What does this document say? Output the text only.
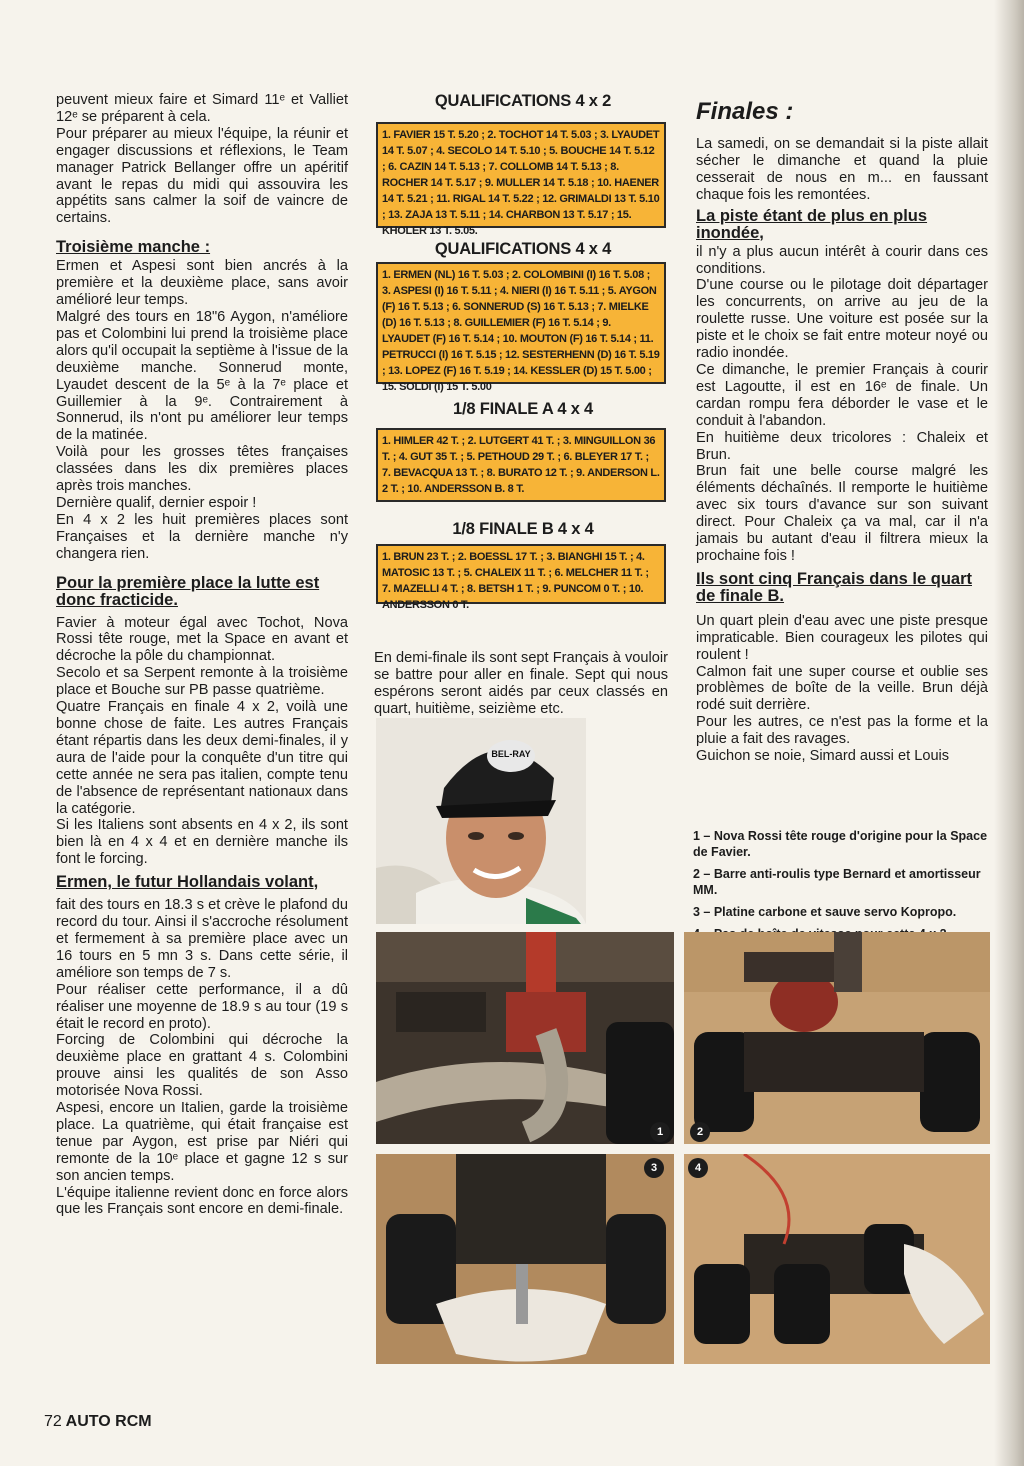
peuvent mieux faire et Simard 11ᵉ et Valliet 12ᵉ se préparent à cela.

Pour préparer au mieux l'équipe, la réunir et engager discussions et réflexions, le Team manager Patrick Bellanger offre un apéritif avant le repas du midi qui assouvira les appétits sans calmer la soif de vaincre de certains.

Troisième manche :

Ermen et Aspesi sont bien ancrés à la première et la deuxième place, sans avoir amélioré leur temps.

Malgré des tours en 18"6 Aygon, n'améliore pas et Colombini lui prend la troisième place alors qu'il occupait la septième à l'issue de la deuxième manche. Sonnerud monte, Lyaudet descent de la 5ᵉ à la 7ᵉ place et Guillemier à la 9ᵉ. Contrairement à Sonnerud, ils n'ont pu améliorer leur temps de la matinée.

Voilà pour les grosses têtes françaises classées dans les dix premières places après trois manches.

Dernière qualif, dernier espoir !

En 4 x 2 les huit premières places sont Françaises et la dernière manche n'y changera rien.

Pour la première place la lutte est donc fracticide.

Favier à moteur égal avec Tochot, Nova Rossi tête rouge, met la Space en avant et décroche la pôle du championnat.

Secolo et sa Serpent remonte à la troisième place et Bouche sur PB passe quatrième.

Quatre Français en finale 4 x 2, voilà une bonne chose de faite. Les autres Français étant répartis dans les deux demi-finales, il y aura de l'aide pour la conquête d'un titre qui cette année ne sera pas italien, compte tenu de l'absence de représentant nationaux dans la catégorie.

Si les Italiens sont absents en 4 x 2, ils sont bien là en 4 x 4 et en dernière manche ils font le forcing.

Ermen, le futur Hollandais volant,

fait des tours en 18.3 s et crève le plafond du record du tour. Ainsi il s'accroche résolument et fermement à sa première place avec un 16 tours en 5 mn 3 s. Dans cette série, il améliore son temps de 7 s.

Pour réaliser cette performance, il a dû réaliser une moyenne de 18.9 s au tour (19 s était le record en proto).

Forcing de Colombini qui décroche la deuxième place en grattant 4 s. Colombini prouve ainsi les qualités de son Asso motorisée Nova Rossi.

Aspesi, encore un Italien, garde la troisième place. La quatrième, qui était française est tenue par Aygon, est prise par Niéri qui remonte de la 10ᵉ place et gagne 12 s sur son ancien temps.

L'équipe italienne revient donc en force alors que les Français sont encore en demi-finale.

QUALIFICATIONS 4 x 2
1. FAVIER 15 T. 5.20 ; 2. TOCHOT 14 T. 5.03 ; 3. LYAUDET 14 T. 5.07 ; 4. SECOLO 14 T. 5.10 ; 5. BOUCHE 14 T. 5.12 ; 6. CAZIN 14 T. 5.13 ; 7. COLLOMB 14 T. 5.13 ; 8. ROCHER 14 T. 5.17 ; 9. MULLER 14 T. 5.18 ; 10. HAENER 14 T. 5.21 ; 11. RIGAL 14 T. 5.22 ; 12. GRIMALDI 13 T. 5.10 ; 13. ZAJA 13 T. 5.11 ; 14. CHARBON 13 T. 5.17 ; 15. KHOLER 13 T. 5.05.
QUALIFICATIONS 4 x 4
1. ERMEN (NL) 16 T. 5.03 ; 2. COLOMBINI (I) 16 T. 5.08 ; 3. ASPESI (I) 16 T. 5.11 ; 4. NIERI (I) 16 T. 5.11 ; 5. AYGON (F) 16 T. 5.13 ; 6. SONNERUD (S) 16 T. 5.13 ; 7. MIELKE (D) 16 T. 5.13 ; 8. GUILLEMIER (F) 16 T. 5.14 ; 9. LYAUDET (F) 16 T. 5.14 ; 10. MOUTON (F) 16 T. 5.14 ; 11. PETRUCCI (I) 16 T. 5.15 ; 12. SESTERHENN (D) 16 T. 5.19 ; 13. LOPEZ (F) 16 T. 5.19 ; 14. KESSLER (D) 15 T. 5.00 ; 15. SOLDI (I) 15 T. 5.00
1/8 FINALE A 4 x 4
1. HIMLER 42 T. ; 2. LUTGERT 41 T. ; 3. MINGUILLON 36 T. ; 4. GUT 35 T. ; 5. PETHOUD 29 T. ; 6. BLEYER 17 T. ; 7. BEVACQUA 13 T. ; 8. BURATO 12 T. ; 9. ANDERSON L. 2 T. ; 10. ANDERSSON B. 8 T.
1/8 FINALE B 4 x 4
1. BRUN 23 T. ; 2. BOESSL 17 T. ; 3. BIANGHI 15 T. ; 4. MATOSIC 13 T. ; 5. CHALEIX 11 T. ; 6. MELCHER 11 T. ; 7. MAZELLI 4 T. ; 8. BETSH 1 T. ; 9. PUNCOM 0 T. ; 10. ANDERSSON 0 T.

En demi-finale ils sont sept Français à vouloir se battre pour aller en finale. Sept qui nous espérons seront aidés par ceux classés en quart, huitième, seizième etc.

BEL-RAY
Finales :

La samedi, on se demandait si la piste allait sécher le dimanche et quand la pluie cesserait de nous en m... en faussant chaque fois les remontées.

La piste étant de plus en plus inondée,

il n'y a plus aucun intérêt à courir dans ces conditions.

D'une course ou le pilotage doit départager les concurrents, on arrive au jeu de la roulette russe. Une voiture est posée sur la piste et le choix se fait entre moteur noyé ou radio inondée.

Ce dimanche, le premier Français à courir est Lagoutte, il est en 16ᵉ de finale. Un cardan rompu fera déborder le vase et le conduit à l'abandon.

En huitième deux tricolores : Chaleix et Brun.

Brun fait une belle course malgré les éléments déchaînés. Il remporte le huitième avec six tours d'avance sur son suivant direct. Pour Chaleix ça va mal, car il n'a jamais bu autant d'eau il filtrera mieux la prochaine fois !

Ils sont cinq Français dans le quart de finale B.

Un quart plein d'eau avec une piste presque impraticable. Bien courageux les pilotes qui roulent !

Calmon fait une super course et oublie ses problèmes de boîte de la veille. Brun déjà rodé suit derrière.

Pour les autres, ce n'est pas la forme et la pluie a fait des ravages.

Guichon se noie, Simard aussi et Louis

1 – Nova Rossi tête rouge d'origine pour la Space de Favier.

2 – Barre anti-roulis type Bernard et amortisseur MM.

3 – Platine carbone et sauve servo Kopropo.

1	2
3	4
72 AUTO RCM
